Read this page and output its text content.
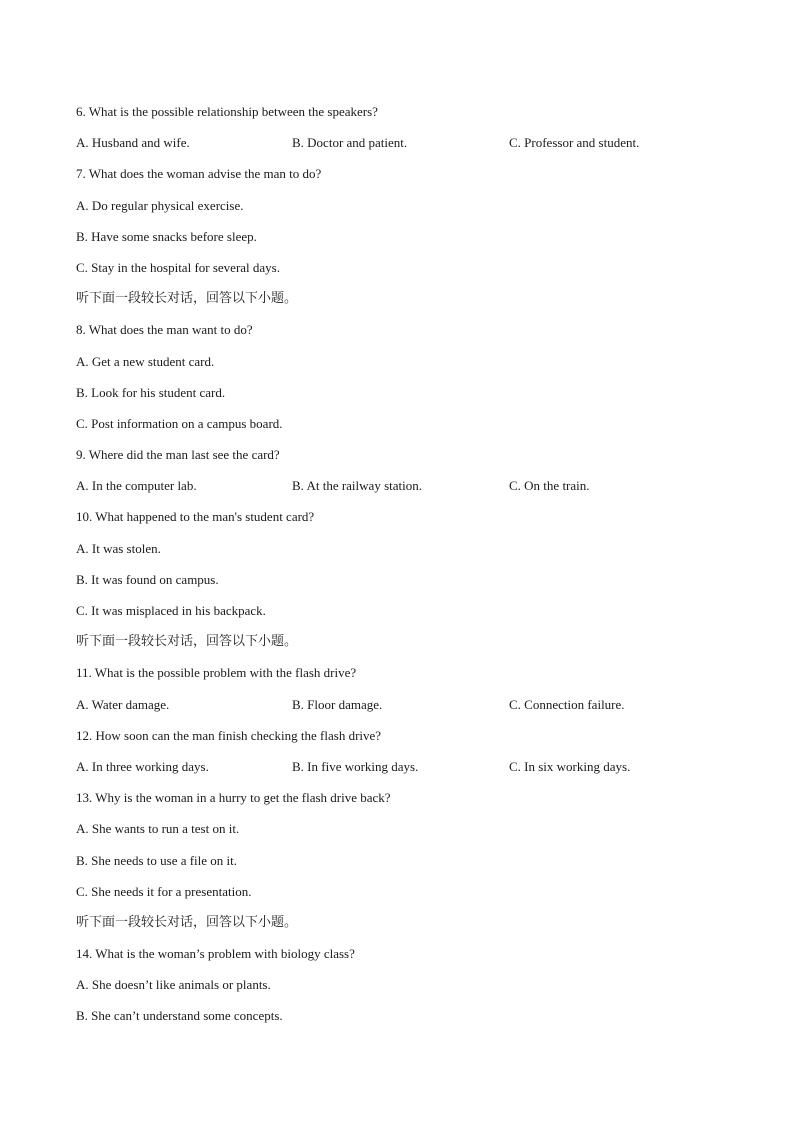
6. What is the possible relationship between the speakers?
A. Husband and wife.	B. Doctor and patient.	C. Professor and student.
7. What does the woman advise the man to do?
A. Do regular physical exercise.
B. Have some snacks before sleep.
C. Stay in the hospital for several days.
听下面一段较长对话，回答以下小题。
8. What does the man want to do?
A. Get a new student card.
B. Look for his student card.
C. Post information on a campus board.
9. Where did the man last see the card?
A. In the computer lab.	B. At the railway station.	C. On the train.
10. What happened to the man's student card?
A. It was stolen.
B. It was found on campus.
C. It was misplaced in his backpack.
听下面一段较长对话，回答以下小题。
11. What is the possible problem with the flash drive?
A. Water damage.	B. Floor damage.	C. Connection failure.
12. How soon can the man finish checking the flash drive?
A. In three working days.	B. In five working days.	C. In six working days.
13. Why is the woman in a hurry to get the flash drive back?
A. She wants to run a test on it.
B. She needs to use a file on it.
C. She needs it for a presentation.
听下面一段较长对话，回答以下小题。
14. What is the woman’s problem with biology class?
A. She doesn’t like animals or plants.
B. She can’t understand some concepts.
